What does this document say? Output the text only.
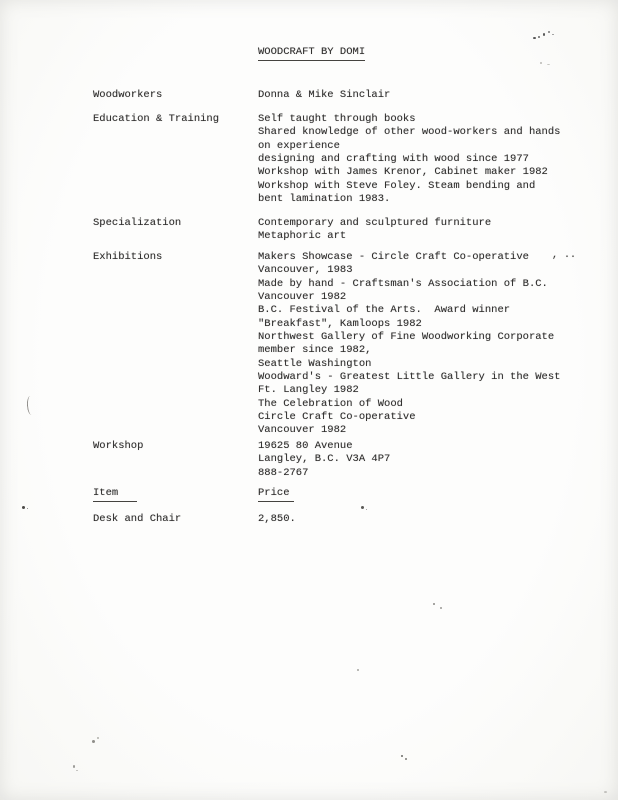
WOODCRAFT BY DOMI
Woodworkers	Donna & Mike Sinclair
Education & Training	Self taught through books
Shared knowledge of other wood-workers and hands
on experience
designing and crafting with wood since 1977
Workshop with James Krenor, Cabinet maker 1982
Workshop with Steve Foley. Steam bending and
bent lamination 1983.
Specialization	Contemporary and sculptured furniture
Metaphoric art
Exhibitions	Makers Showcase - Circle Craft Co-operative
Vancouver, 1983
Made by hand - Craftsman's Association of B.C.
Vancouver 1982
B.C. Festival of the Arts.  Award winner
"Breakfast", Kamloops 1982
Northwest Gallery of Fine Woodworking Corporate
member since 1982,
Seattle Washington
Woodward's - Greatest Little Gallery in the West
Ft. Langley 1982
The Celebration of Wood
Circle Craft Co-operative
Vancouver 1982
Workshop	19625 80 Avenue
Langley, B.C. V3A 4P7
888-2767
Item	Price
Desk and Chair	2,850.
, ..
